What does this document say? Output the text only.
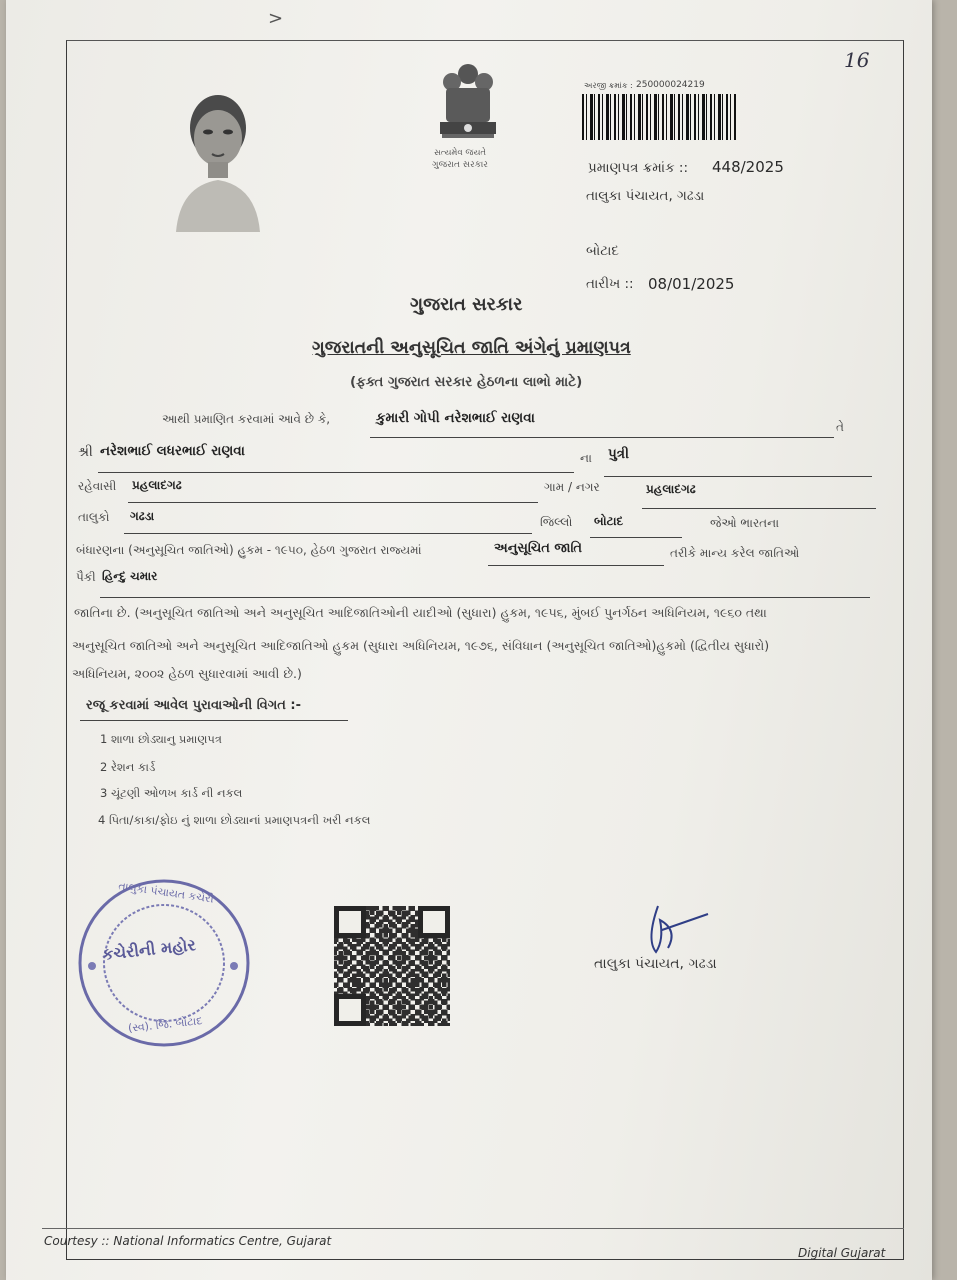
>
16
સત્યમેવ જયતે
ગુજરાત સરકાર
અરજી ક્રમાંક : 250000024219
પ્રમાણપત્ર ક્રમાંક :: 448/2025
તાલુકા પંચાયત, ગઢડા
બોટાદ
તારીખ :: 08/01/2025
ગુજરાત સરકાર
ગુજરાતની અનુસૂચિત જાતિ અંગેનું પ્રમાણપત્ર
(ફક્ત ગુજરાત સરકાર હેઠળના લાભો માટે)
આથી પ્રમાણિત કરવામાં આવે છે કે,	કુમારી ગોપી નરેશભાઈ રાણવા
તે
શ્રી નરેશભાઈ લધરભાઈ રાણવા	ના પુત્રી
રહેવાસી પ્રહલાદગઢ	ગામ / નગર	પ્રહલાદગઢ
તાલુકો ગઢડા	જિલ્લો બોટાદ	જેઓ ભારતના
બંધારણના (અનુસૂચિત જાતિઓ) હુકમ - ૧૯૫૦, હેઠળ ગુજરાત રાજ્યમાં	અનુસૂચિત જાતિ	તરીકે માન્ય કરેલ જાતિઓ
પૈકી હિન્દુ ચમાર
જાતિના છે. (અનુસૂચિત જાતિઓ અને અનુસૂચિત આદિજાતિઓની યાદીઓ (સુધારા) હુકમ, ૧૯૫૬, મુંબઈ પુનર્ગઠન અધિનિયમ, ૧૯૬૦ તથા
અનુસૂચિત જાતિઓ અને અનુસૂચિત આદિજાતિઓ હુકમ (સુધારા અધિનિયમ, ૧૯૭૬, સંવિધાન (અનુસૂચિત જાતિઓ)હુકમો (દ્વિતીય સુધારો)
અધિનિયમ, ૨૦૦૨ હેઠળ સુધારવામાં આવી છે.)
રજૂ કરવામાં આવેલ પુરાવાઓની વિગત :-
1 શાળા છોડ્યાનુ પ્રમાણપત્ર
2 રેશન કાર્ડ
3 ચૂંટણી ઓળખ કાર્ડ ની નકલ
4 પિતા/કાકા/ફોઇ નું શાળા છોડ્યાનાં પ્રમાણપત્રની ખરી નકલ
તાલુકા પંચાયત કચેરી
કચેરીની મહોર
(સ્વ). જિ. બોટાદ
તાલુકા પંચાયત, ગઢડા
Courtesy :: National Informatics Centre, Gujarat
Digital Gujarat
